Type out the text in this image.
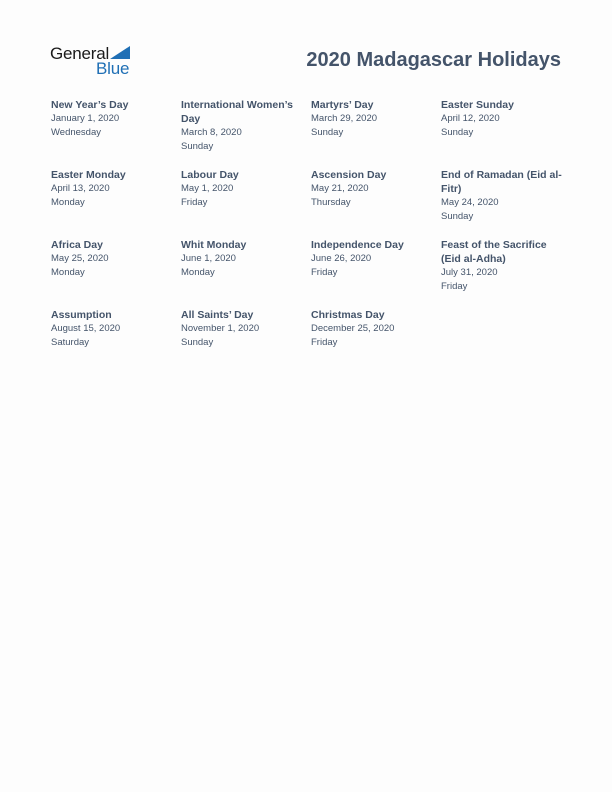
General
Blue	2020 Madagascar Holidays
New Year’s Day
January 1, 2020
Wednesday
International Women’s Day
March 8, 2020
Sunday
Martyrs’ Day
March 29, 2020
Sunday
Easter Sunday
April 12, 2020
Sunday
Easter Monday
April 13, 2020
Monday
Labour Day
May 1, 2020
Friday
Ascension Day
May 21, 2020
Thursday
End of Ramadan (Eid al-Fitr)
May 24, 2020
Sunday
Africa Day
May 25, 2020
Monday
Whit Monday
June 1, 2020
Monday
Independence Day
June 26, 2020
Friday
Feast of the Sacrifice (Eid al-Adha)
July 31, 2020
Friday
Assumption
August 15, 2020
Saturday
All Saints’ Day
November 1, 2020
Sunday
Christmas Day
December 25, 2020
Friday
